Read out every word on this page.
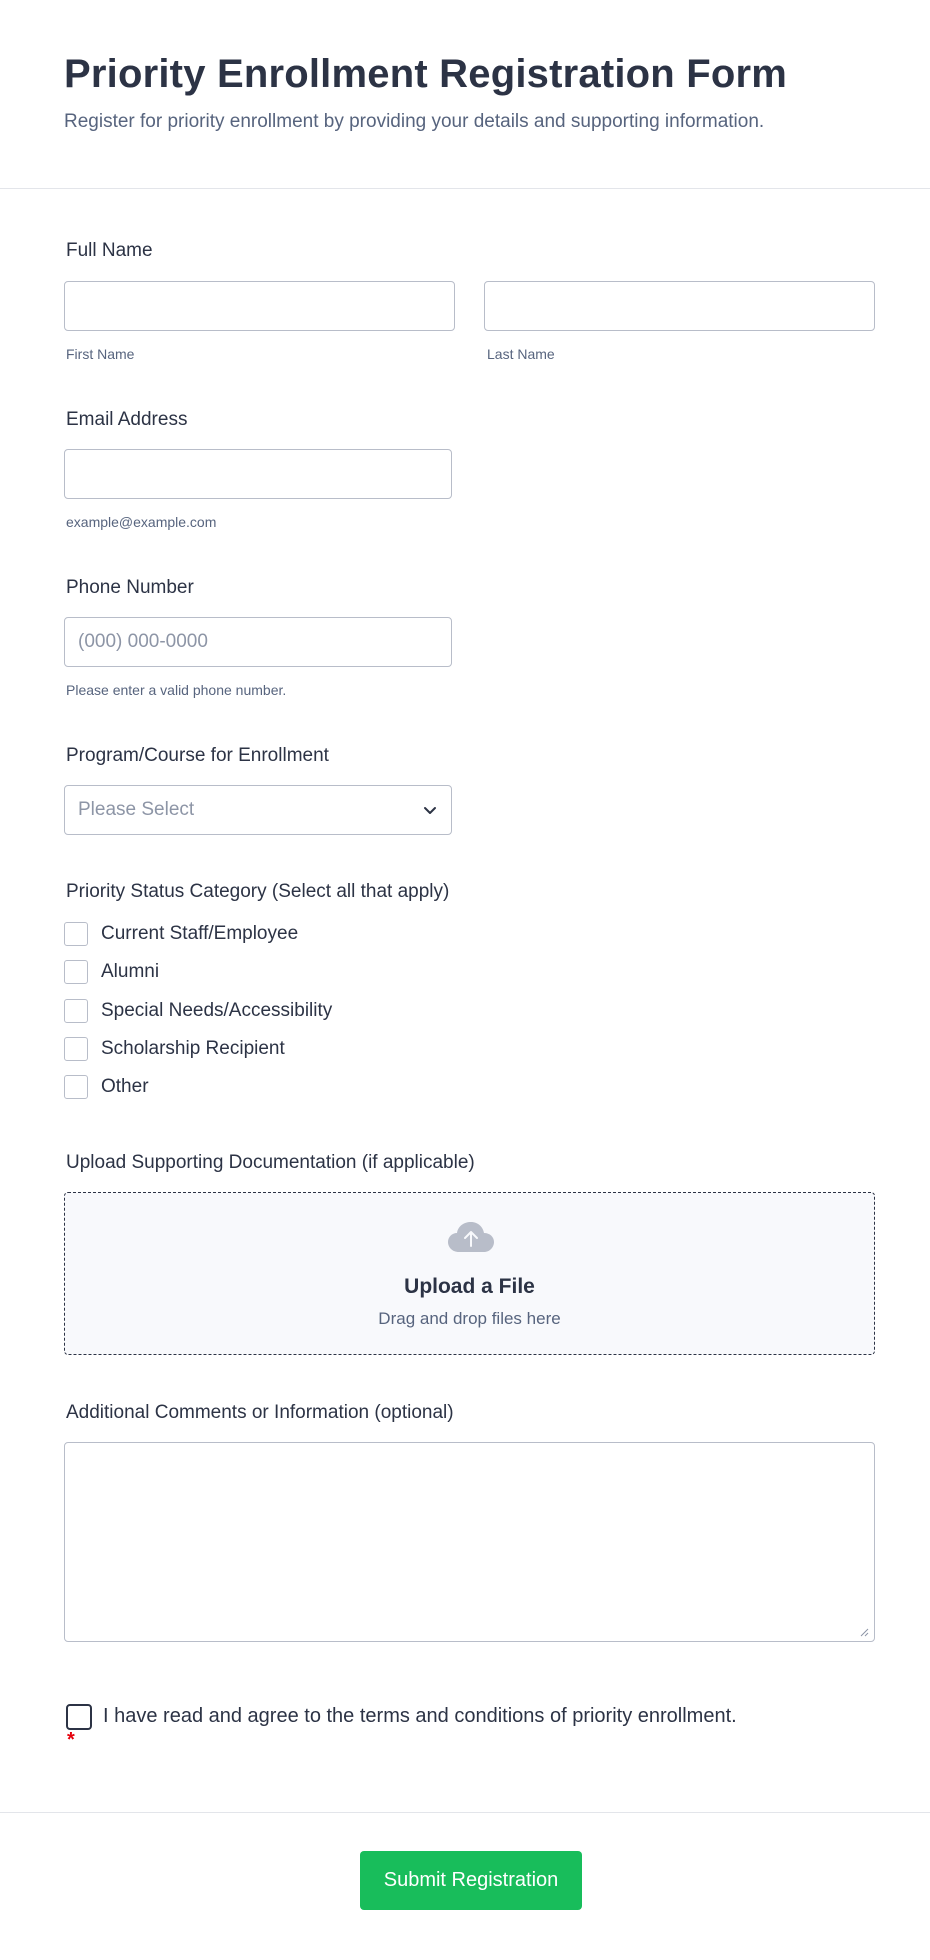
Priority Enrollment Registration Form

Register for priority enrollment by providing your details and supporting information.

Full Name
First Name	Last Name
Email Address
example@example.com
Phone Number
(000) 000-0000
Please enter a valid phone number.
Program/Course for Enrollment
Please Select
Priority Status Category (Select all that apply)
Current Staff/Employee
Alumni
Special Needs/Accessibility
Scholarship Recipient
Other
Upload Supporting Documentation (if applicable)
Upload a File
Drag and drop files here
Additional Comments or Information (optional)
I have read and agree to the terms and conditions of priority enrollment.
*
Submit Registration
